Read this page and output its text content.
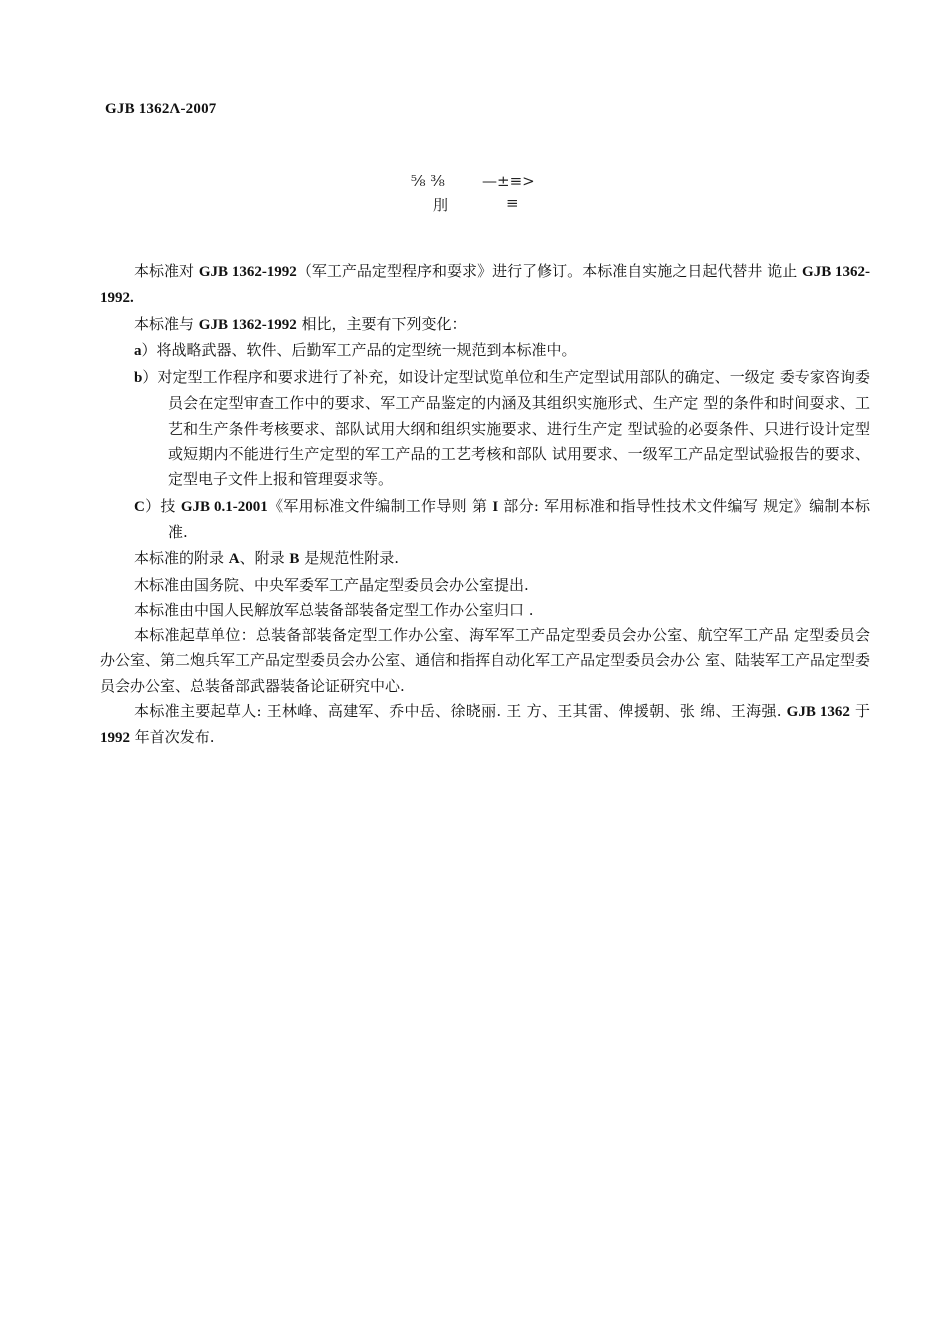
GJB 1362Λ-2007
⅝ ⅜ —±≡>
刖	≡

本标准对 GJB 1362-1992（军工产品定型程序和耍求》进行了修订。本标准自实施之日起代替井 诡止 GJB 1362-1992.

本标准与 GJB 1362-1992 相比，主要有下列变化：

a）将战略武器、软件、后勤军工产品的定型统一规范到本标准中。

b）对定型工作程序和要求进行了补充，如设计定型试览单位和生产定型试用部队的确定、一级定 委专家咨询委员会在定型审查工作中的要求、军工产品鉴定的内涵及其组织实施形式、生产定 型的条件和时间耍求、工艺和生产条件考核要求、部队试用大纲和组织实施要求、进行生产定 型试验的必耍条件、只进行设计定型或短期内不能进行生产定型的军工产品的工艺考核和部队 试用要求、一级军工产品定型试验报告的要求、定型电子文件上报和管理耍求等。

C）技 GJB 0.1-2001《军用标准文件编制工作导则 第 I 部分: 军用标准和指导性技术文件编写 规定》编制本标准.

本标准的附录 A、附录 B 是规范性附录.

木标准由国务院、中央军委军工产晶定型委员会办公室提出.

本标准由中国人民解放军总装备部装备定型工作办公室归口 .

本标准起草单位：总装备部装备定型工作办公室、海军军工产品定型委员会办公室、航空军工产品 定型委员会办公室、第二炮兵军工产品定型委员会办公室、通信和指挥自动化军工产品定型委员会办公 室、陆装军工产品定型委员会办公室、总装备部武器装备论证研究中心.

本标准主要起草人: 王林峰、高建军、乔中岳、徐晓丽. 王 方、王其雷、俾援朝、张 绵、王海强. GJB 1362 于 1992 年首次发布.
